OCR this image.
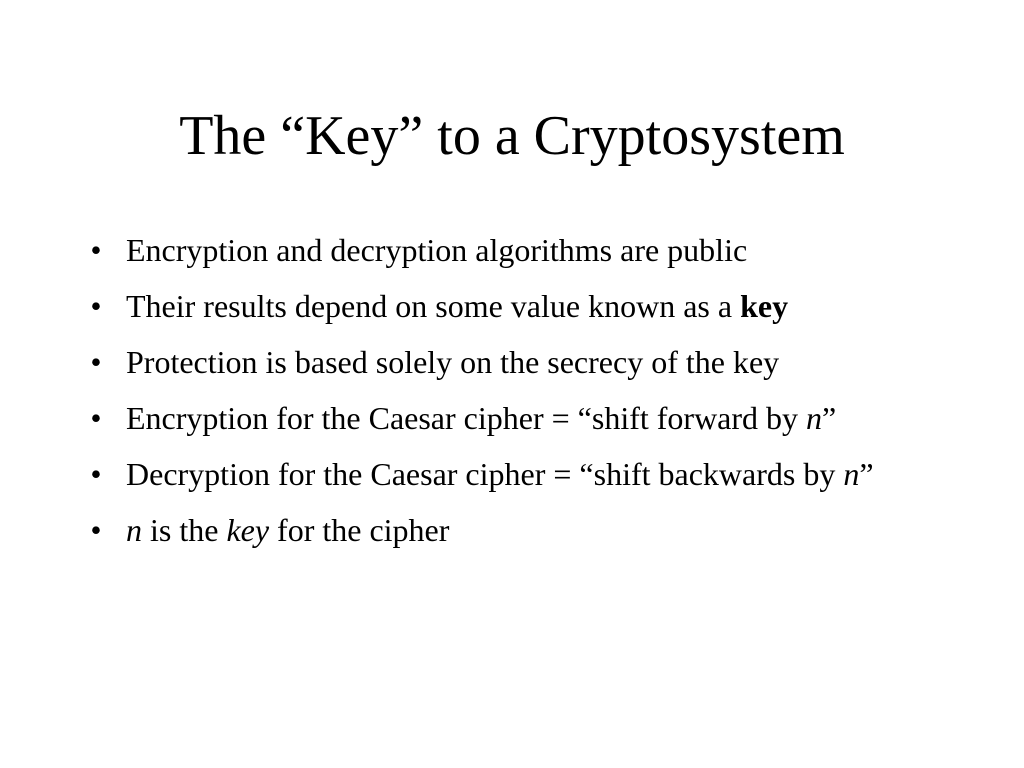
The “Key” to a Cryptosystem
• Encryption and decryption algorithms are public
• Their results depend on some value known as a key
• Protection is based solely on the secrecy of the key
• Encryption for the Caesar cipher = “shift forward by n”
• Decryption for the Caesar cipher = “shift backwards by n”
• n is the key for the cipher
